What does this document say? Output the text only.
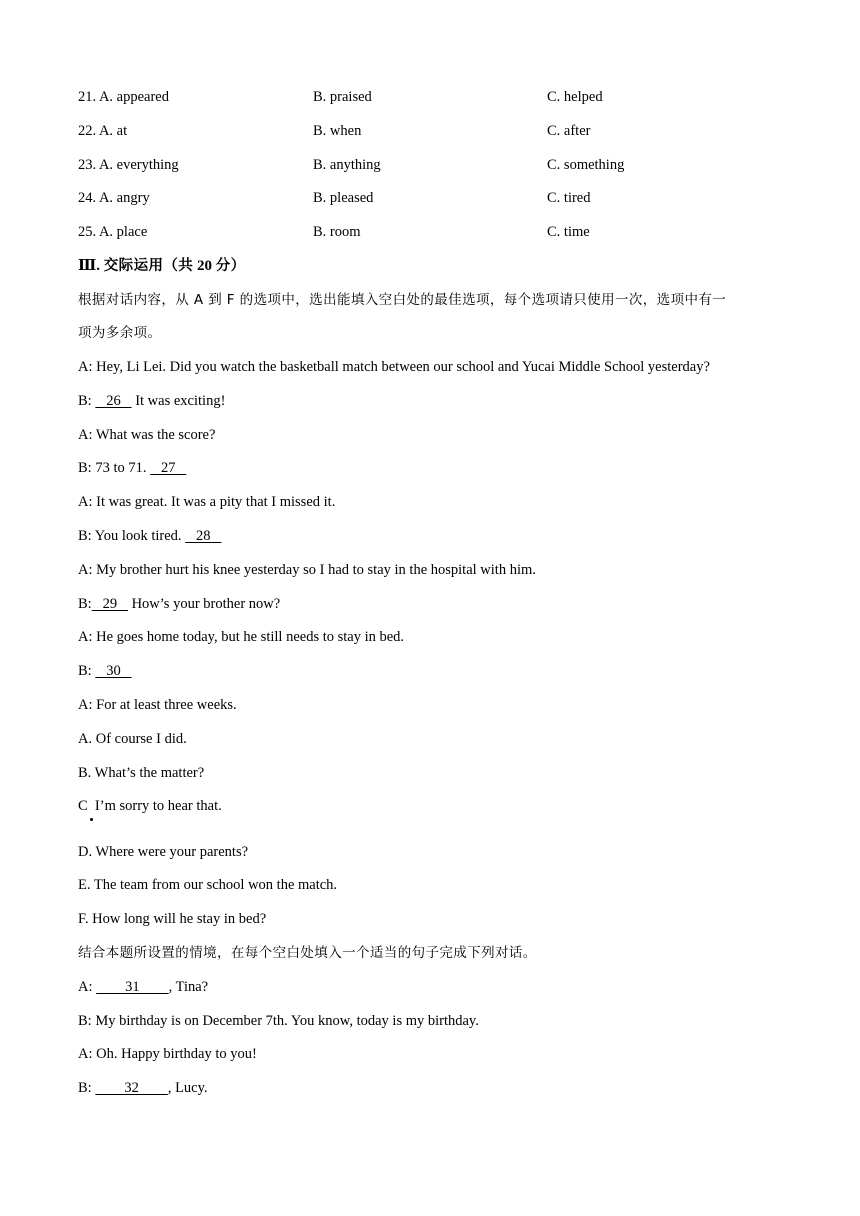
21. A. appeared	B. praised	C. helped
22. A. at	B. when	C. after
23. A. everything	B. anything	C. something
24. A. angry	B. pleased	C. tired
25. A. place	B. room	C. time
Ⅲ. 交际运用（共 20 分）
根据对话内容，从 A 到 F 的选项中，选出能填入空白处的最佳选项，每个选项请只使用一次，选项中有一
项为多余项。
A: Hey, Li Lei. Did you watch the basketball match between our school and Yucai Middle School yesterday?
B:    26    It was exciting!
A: What was the score?
B: 73 to 71.    27
A: It was great. It was a pity that I missed it.
B: You look tired.    28
A: My brother hurt his knee yesterday so I had to stay in the hospital with him.
B:   29    How’s your brother now?
A: He goes home today, but he still needs to stay in bed.
B:    30
A: For at least three weeks.
A. Of course I did.
B. What’s the matter?
C I’m sorry to hear that.
D. Where were your parents?
E. The team from our school won the match.
F. How long will he stay in bed?
结合本题所设置的情境，在每个空白处填入一个适当的句子完成下列对话。
A:         31        , Tina?
B: My birthday is on December 7th. You know, today is my birthday.
A: Oh. Happy birthday to you!
B:         32        , Lucy.
